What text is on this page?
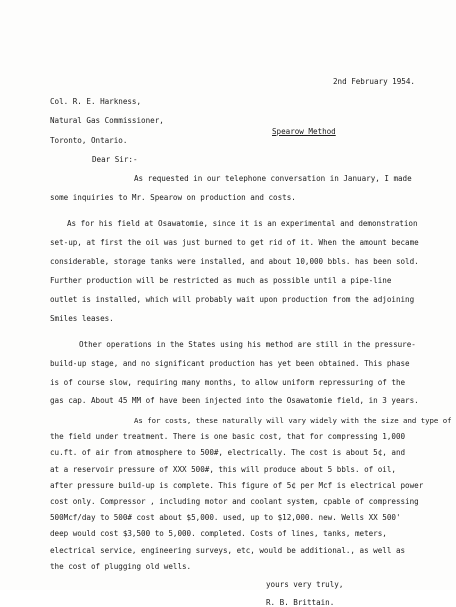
2nd February 1954.
Col. R. E. Harkness,
Natural Gas Commissioner,
Toronto, Ontario.
Spearow Method
Dear Sir:-
As requested in our telephone conversation in January, I made
some inquiries to Mr. Spearow on production and costs.
As for his field at Osawatomie, since it is an experimental and demonstration
set-up, at first the oil was just burned to get rid of it. When the amount became
considerable, storage tanks were installed, and about 10,000 bbls. has been sold.
Further production will be restricted as much as possible until a pipe-line
outlet is installed, which will probably wait upon production from the adjoining
Smiles leases.
Other operations in the States using his method are still in the pressure-
build-up stage, and no significant production has yet been obtained. This phase
is of course slow, requiring many months, to allow uniform repressuring of the
gas cap. About 45 MM of have been injected into the Osawatomie field, in 3 years.
As for costs, these naturally will vary widely with the size and type of
the field under treatment. There is one basic cost, that for compressing 1,000
cu.ft. of air from atmosphere to 500#, electrically. The cost is about 5¢, and
at a reservoir pressure of XXX 500#, this will produce about 5 bbls. of oil,
after pressure build-up is complete. This figure of 5¢ per Mcf is electrical power
cost only. Compressor , including motor and coolant system, cpable of compressing
500Mcf/day to 500# cost about $5,000. used, up to $12,000. new. Wells XX 500'
deep would cost $3,500 to 5,000. completed. Costs of lines, tanks, meters,
electrical service, engineering surveys, etc, would be additional., as well as
the cost of plugging old wells.
yours very truly,
R. B. Brittain.
